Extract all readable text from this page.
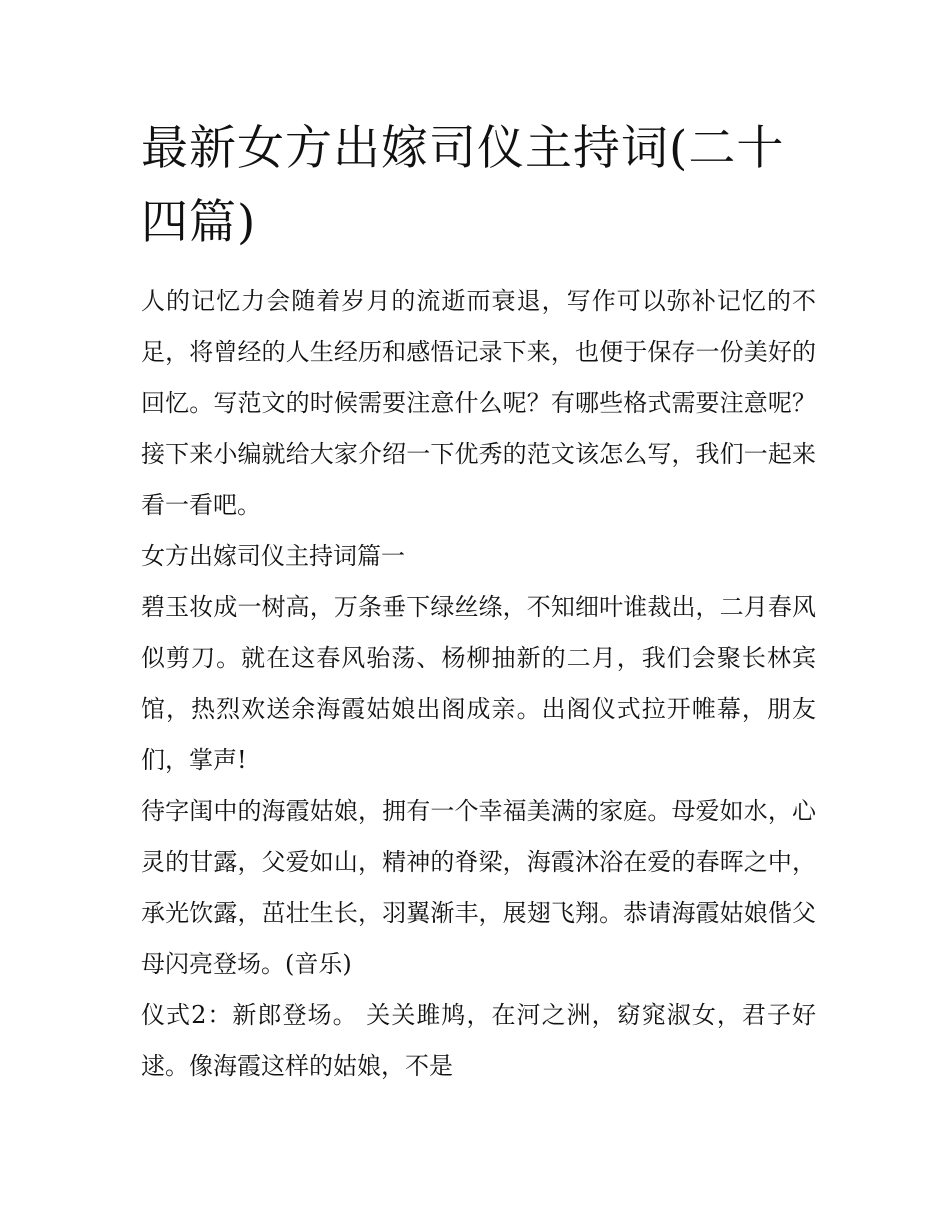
最新女方出嫁司仪主持词(二十四篇)

人的记忆力会随着岁月的流逝而衰退，写作可以弥补记忆的不足，将曾经的人生经历和感悟记录下来，也便于保存一份美好的回忆。写范文的时候需要注意什么呢？有哪些格式需要注意呢？接下来小编就给大家介绍一下优秀的范文该怎么写，我们一起来看一看吧。

女方出嫁司仪主持词篇一

碧玉妆成一树高，万条垂下绿丝绦，不知细叶谁裁出，二月春风似剪刀。就在这春风骀荡、杨柳抽新的二月，我们会聚长林宾馆，热烈欢送余海霞姑娘出阁成亲。出阁仪式拉开帷幕，朋友们，掌声!

待字闺中的海霞姑娘，拥有一个幸福美满的家庭。母爱如水，心灵的甘露，父爱如山，精神的脊梁，海霞沐浴在爱的春晖之中，承光饮露，茁壮生长，羽翼渐丰，展翅飞翔。恭请海霞姑娘偕父母闪亮登场。(音乐)

仪式2：新郎登场。 关关雎鸠，在河之洲，窈窕淑女，君子好逑。像海霞这样的姑娘，不是
